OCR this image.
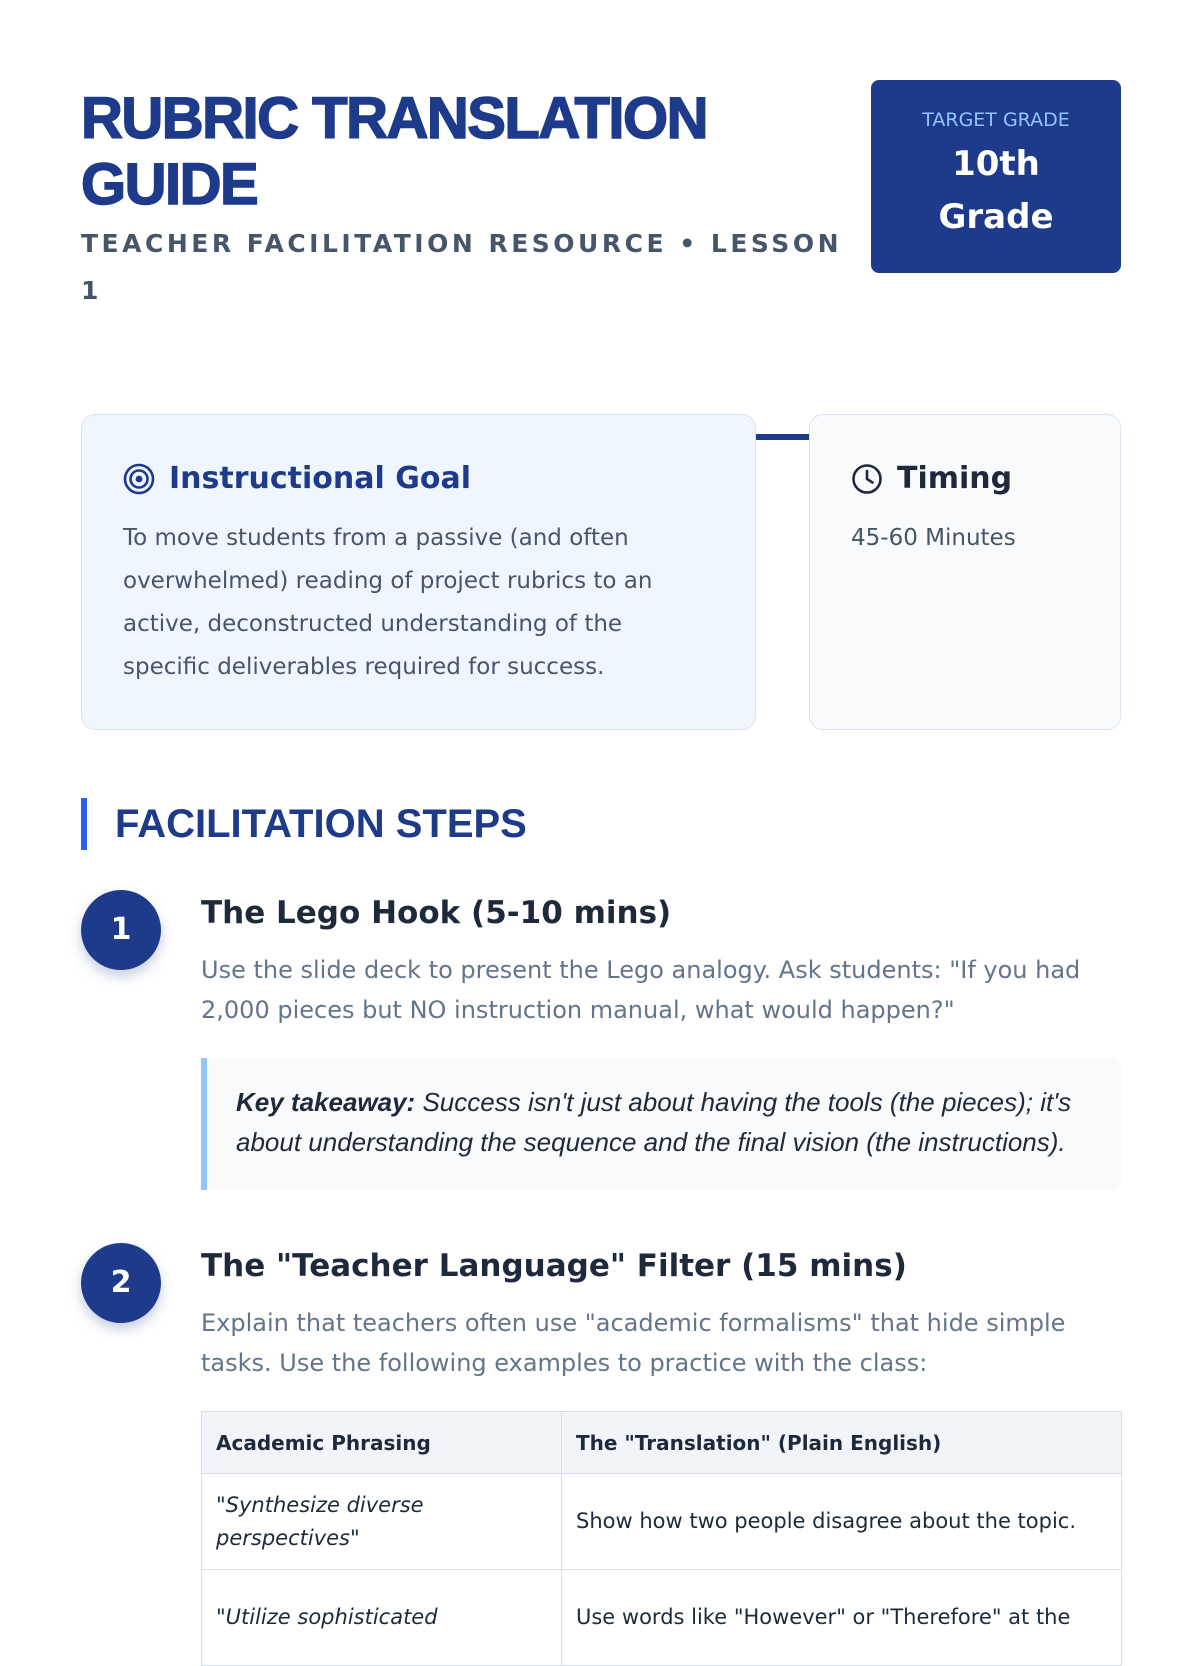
RUBRIC TRANSLATION GUIDE

TEACHER FACILITATION RESOURCE • LESSON 1

TARGET GRADE
10th Grade
Instructional Goal

To move students from a passive (and often overwhelmed) reading of project rubrics to an active, deconstructed understanding of the specific deliverables required for success.

Timing

45-60 Minutes

FACILITATION STEPS
1	The Lego Hook (5-10 mins)

Use the slide deck to present the Lego analogy. Ask students: "If you had 2,000 pieces but NO instruction manual, what would happen?"

Key takeaway: Success isn't just about having the tools (the pieces); it's about understanding the sequence and the final vision (the instructions).

2	The "Teacher Language" Filter (15 mins)

Explain that teachers often use "academic formalisms" that hide simple tasks. Use the following examples to practice with the class:

Academic Phrasing	The "Translation" (Plain English)
"Synthesize diverse perspectives"	Show how two people disagree about the topic.
"Utilize sophisticated	Use words like "However" or "Therefore" at the
